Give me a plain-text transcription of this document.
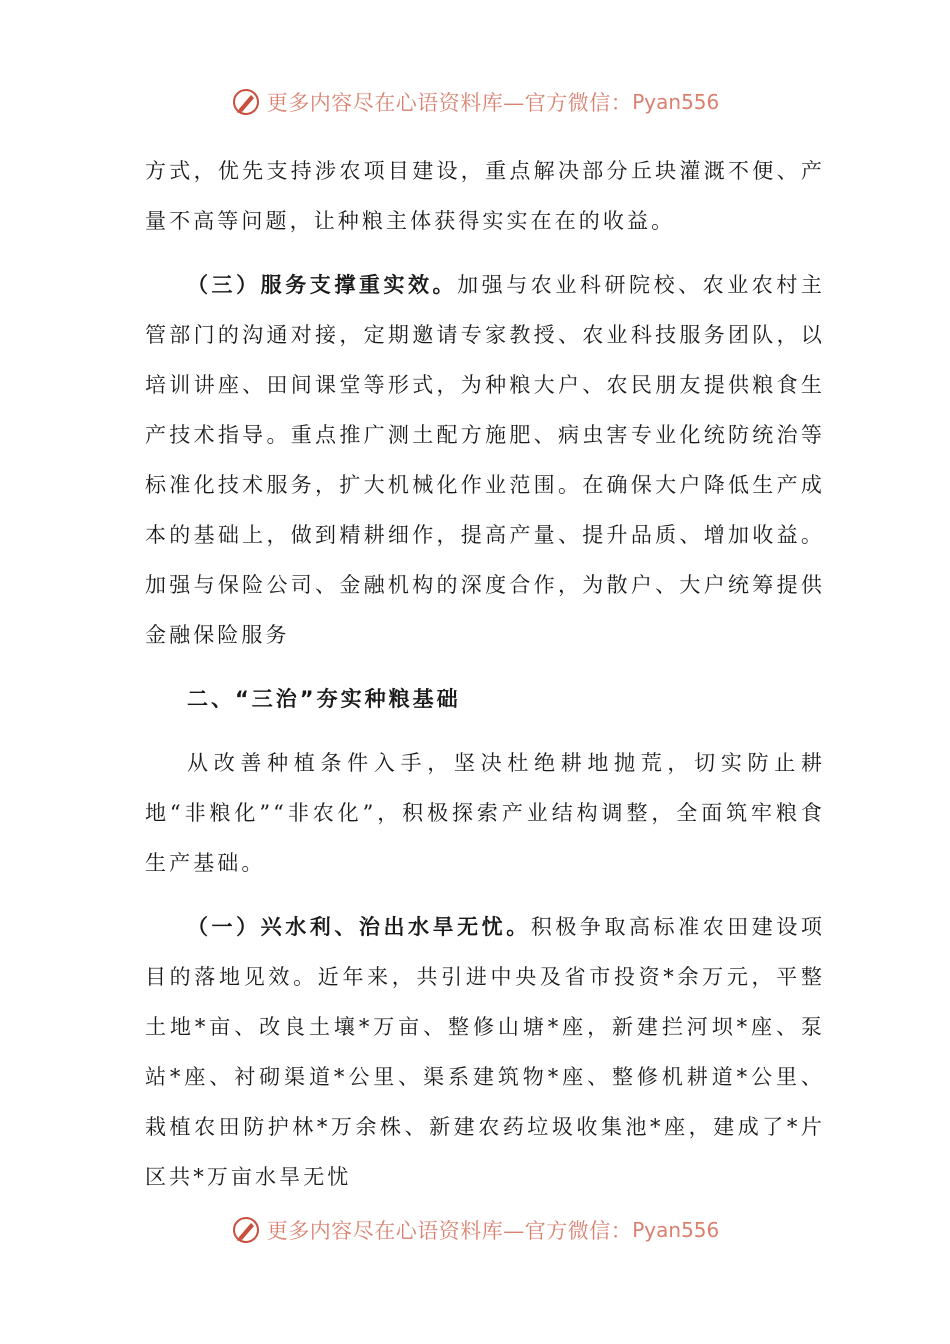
更多内容尽在心语资料库—官方微信： Pyan556

方式，优先支持涉农项目建设，重点解决部分丘块灌溉不便、产量不高等问题，让种粮主体获得实实在在的收益。

（三）服务支撑重实效。加强与农业科研院校、农业农村主管部门的沟通对接，定期邀请专家教授、农业科技服务团队，以培训讲座、田间课堂等形式，为种粮大户、农民朋友提供粮食生产技术指导。重点推广测土配方施肥、病虫害专业化统防统治等标准化技术服务，扩大机械化作业范围。在确保大户降低生产成本的基础上，做到精耕细作，提高产量、提升品质、增加收益。加强与保险公司、金融机构的深度合作，为散户、大户统筹提供金融保险服务

二、“三治”夯实种粮基础

从改善种植条件入手，坚决杜绝耕地抛荒，切实防止耕地“非粮化”“非农化”，积极探索产业结构调整，全面筑牢粮食生产基础。

（一）兴水利、治出水旱无忧。积极争取高标准农田建设项目的落地见效。近年来，共引进中央及省市投资*余万元，平整土地*亩、改良土壤*万亩、整修山塘*座，新建拦河坝*座、泵站*座、衬砌渠道*公里、渠系建筑物*座、整修机耕道*公里、栽植农田防护林*万余株、新建农药垃圾收集池*座，建成了*片区共*万亩水旱无忧

更多内容尽在心语资料库—官方微信： Pyan556
